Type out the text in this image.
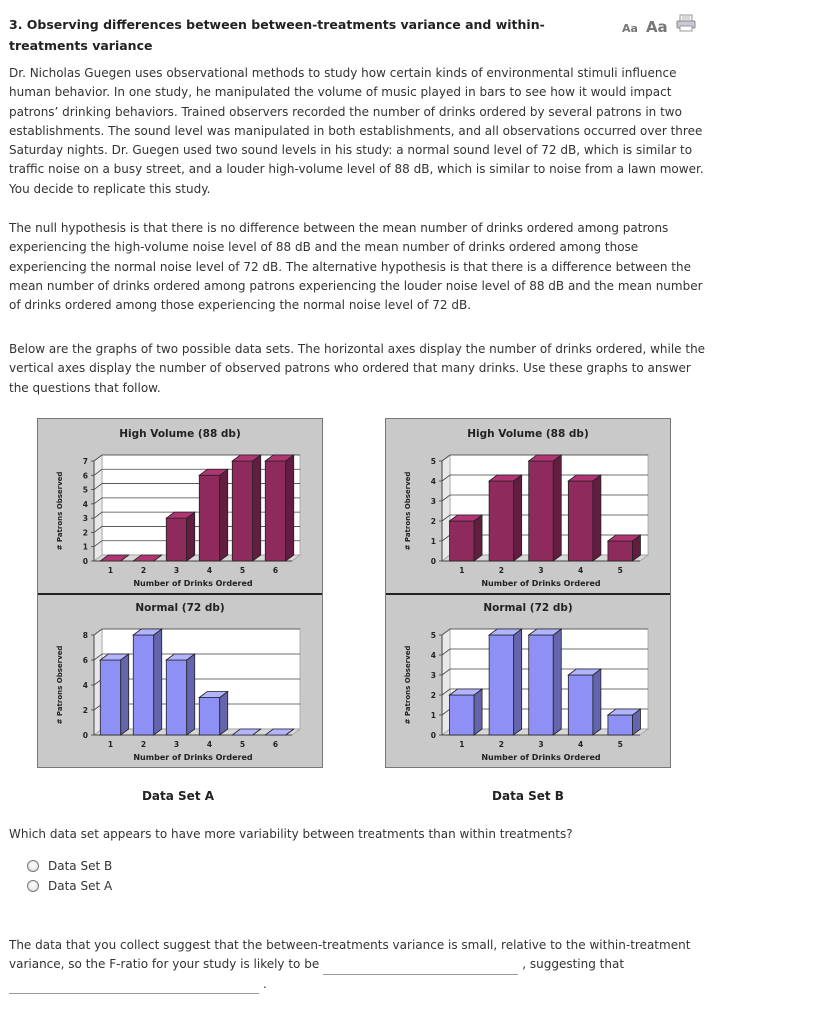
3. Observing differences between between-treatments variance and within-treatments variance
Aa Aa

Dr. Nicholas Guegen uses observational methods to study how certain kinds of environmental stimuli influence human behavior. In one study, he manipulated the volume of music played in bars to see how it would impact patrons’ drinking behaviors. Trained observers recorded the number of drinks ordered by several patrons in two establishments. The sound level was manipulated in both establishments, and all observations occurred over three Saturday nights. Dr. Guegen used two sound levels in his study: a normal sound level of 72 dB, which is similar to traffic noise on a busy street, and a louder high-volume level of 88 dB, which is similar to noise from a lawn mower. You decide to replicate this study.

The null hypothesis is that there is no difference between the mean number of drinks ordered among patrons experiencing the high-volume noise level of 88 dB and the mean number of drinks ordered among those experiencing the normal noise level of 72 dB. The alternative hypothesis is that there is a difference between the mean number of drinks ordered among patrons experiencing the louder noise level of 88 dB and the mean number of drinks ordered among those experiencing the normal noise level of 72 dB.

Below are the graphs of two possible data sets. The horizontal axes display the number of drinks ordered, while the vertical axes display the number of observed patrons who ordered that many drinks. Use these graphs to answer the questions that follow.

High Volume (88 db)
0
1
2
3
4
5
6
7
1	2	3	4	5	6
Number of Drinks Ordered
# Patrons Observed
Normal (72 db)
0
2
4
6
8
1	2	3	4	5	6
Number of Drinks Ordered
# Patrons Observed
High Volume (88 db)
0
1
2
3
4
5
1	2	3	4	5
Number of Drinks Ordered
# Patrons Observed
Normal (72 db)
0
1
2
3
4
5
1	2	3	4	5
Number of Drinks Ordered
# Patrons Observed
Data Set A	Data Set B

Which data set appears to have more variability between treatments than within treatments?

Data Set B
Data Set A

The data that you collect suggest that the between-treatments variance is small, relative to the within-treatment variance, so the F-ratio for your study is likely to be	, suggesting that
.
